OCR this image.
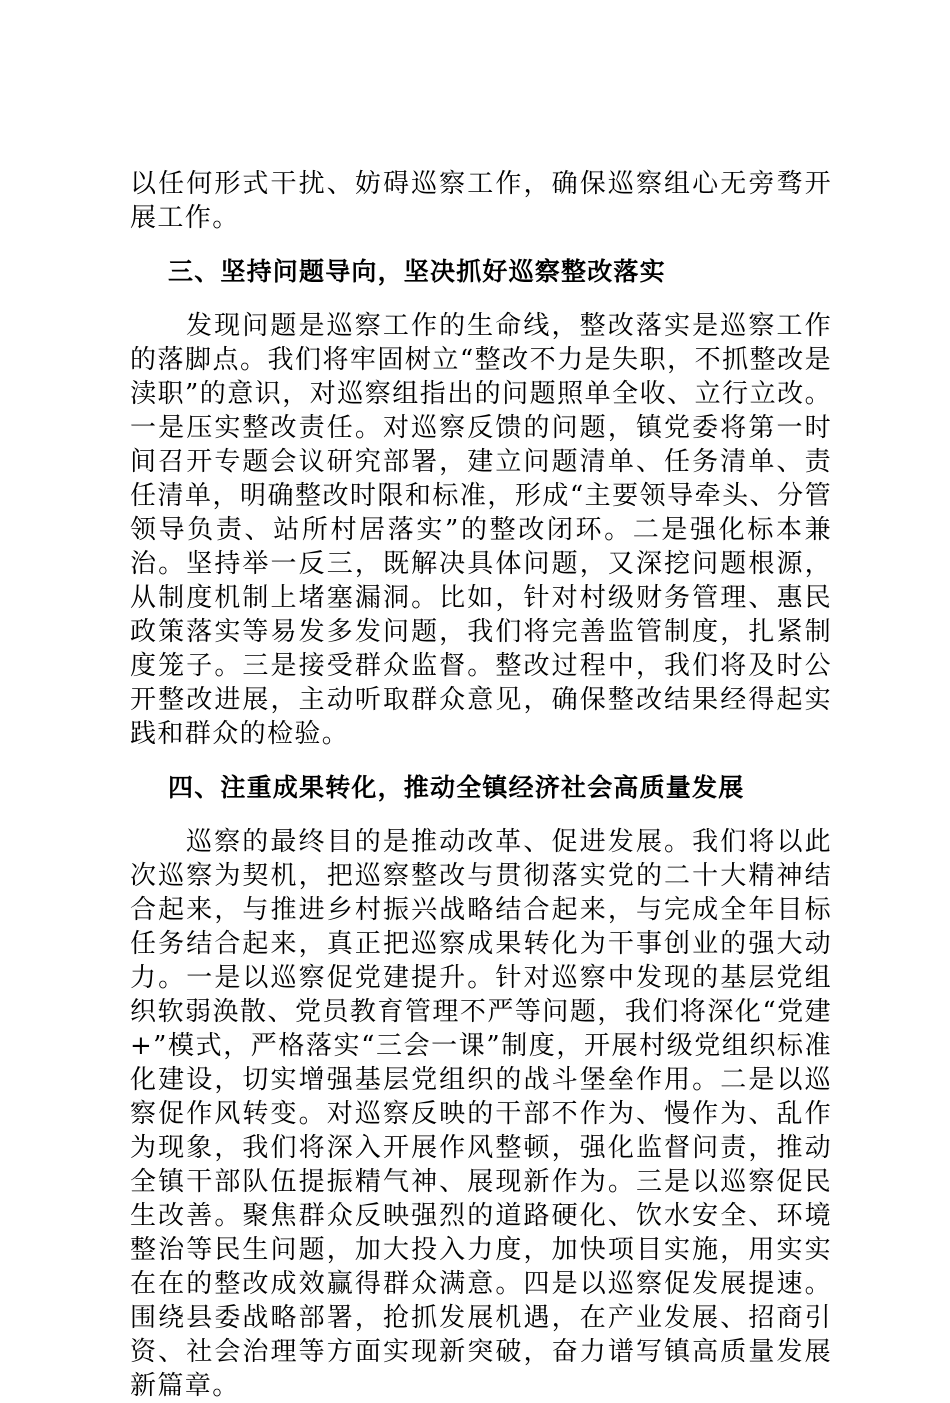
以任何形式干扰、妨碍巡察工作，确保巡察组心无旁骛开展工作。

三、坚持问题导向，坚决抓好巡察整改落实

发现问题是巡察工作的生命线，整改落实是巡察工作的落脚点。我们将牢固树立“整改不力是失职，不抓整改是渎职”的意识，对巡察组指出的问题照单全收、立行立改。一是压实整改责任。对巡察反馈的问题，镇党委将第一时间召开专题会议研究部署，建立问题清单、任务清单、责任清单，明确整改时限和标准，形成“主要领导牵头、分管领导负责、站所村居落实”的整改闭环。二是强化标本兼治。坚持举一反三，既解决具体问题，又深挖问题根源，从制度机制上堵塞漏洞。比如，针对村级财务管理、惠民政策落实等易发多发问题，我们将完善监管制度，扎紧制度笼子。三是接受群众监督。整改过程中，我们将及时公开整改进展，主动听取群众意见，确保整改结果经得起实践和群众的检验。

四、注重成果转化，推动全镇经济社会高质量发展

巡察的最终目的是推动改革、促进发展。我们将以此次巡察为契机，把巡察整改与贯彻落实党的二十大精神结合起来，与推进乡村振兴战略结合起来，与完成全年目标任务结合起来，真正把巡察成果转化为干事创业的强大动力。一是以巡察促党建提升。针对巡察中发现的基层党组织软弱涣散、党员教育管理不严等问题，我们将深化“党建+”模式，严格落实“三会一课”制度，开展村级党组织标准化建设，切实增强基层党组织的战斗堡垒作用。二是以巡察促作风转变。对巡察反映的干部不作为、慢作为、乱作为现象，我们将深入开展作风整顿，强化监督问责，推动全镇干部队伍提振精气神、展现新作为。三是以巡察促民生改善。聚焦群众反映强烈的道路硬化、饮水安全、环境整治等民生问题，加大投入力度，加快项目实施，用实实在在的整改成效赢得群众满意。四是以巡察促发展提速。围绕县委战略部署，抢抓发展机遇，在产业发展、招商引资、社会治理等方面实现新突破，奋力谱写镇高质量发展新篇章。
